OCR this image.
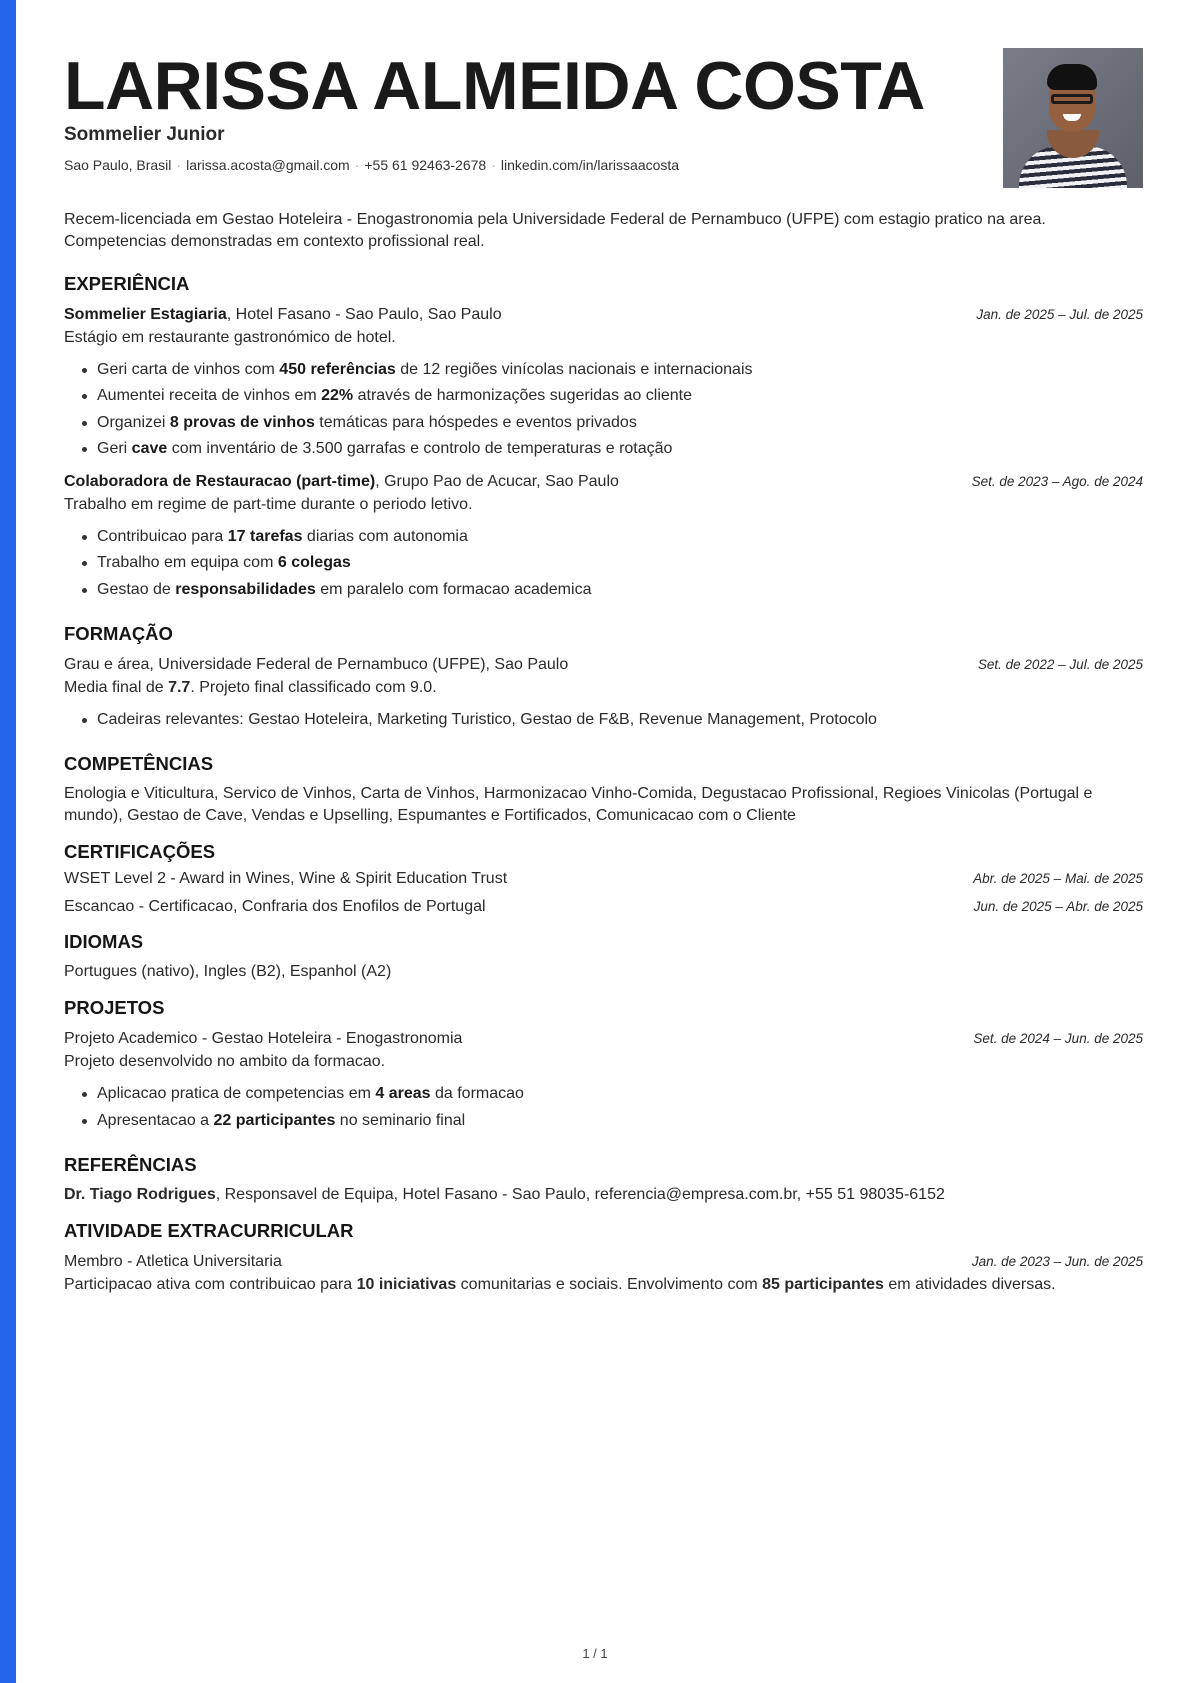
LARISSA ALMEIDA COSTA
Sommelier Junior
Sao Paulo, Brasil · larissa.acosta@gmail.com · +55 61 92463-2678 · linkedin.com/in/larissaacosta
Recem-licenciada em Gestao Hoteleira - Enogastronomia pela Universidade Federal de Pernambuco (UFPE) com estagio pratico na area. Competencias demonstradas em contexto profissional real.
EXPERIÊNCIA
Sommelier Estagiaria, Hotel Fasano - Sao Paulo, Sao Paulo	Jan. de 2025 – Jul. de 2025
Estágio em restaurante gastronómico de hotel.
Geri carta de vinhos com 450 referências de 12 regiões vinícolas nacionais e internacionais
Aumentei receita de vinhos em 22% através de harmonizações sugeridas ao cliente
Organizei 8 provas de vinhos temáticas para hóspedes e eventos privados
Geri cave com inventário de 3.500 garrafas e controlo de temperaturas e rotação
Colaboradora de Restauracao (part-time), Grupo Pao de Acucar, Sao Paulo	Set. de 2023 – Ago. de 2024
Trabalho em regime de part-time durante o periodo letivo.
Contribuicao para 17 tarefas diarias com autonomia
Trabalho em equipa com 6 colegas
Gestao de responsabilidades em paralelo com formacao academica
FORMAÇÃO
Grau e área, Universidade Federal de Pernambuco (UFPE), Sao Paulo	Set. de 2022 – Jul. de 2025
Media final de 7.7. Projeto final classificado com 9.0.
Cadeiras relevantes: Gestao Hoteleira, Marketing Turistico, Gestao de F&B, Revenue Management, Protocolo
COMPETÊNCIAS
Enologia e Viticultura, Servico de Vinhos, Carta de Vinhos, Harmonizacao Vinho-Comida, Degustacao Profissional, Regioes Vinicolas (Portugal e mundo), Gestao de Cave, Vendas e Upselling, Espumantes e Fortificados, Comunicacao com o Cliente
CERTIFICAÇÕES
WSET Level 2 - Award in Wines, Wine & Spirit Education Trust	Abr. de 2025 – Mai. de 2025
Escancao - Certificacao, Confraria dos Enofilos de Portugal	Jun. de 2025 – Abr. de 2025
IDIOMAS
Portugues (nativo), Ingles (B2), Espanhol (A2)
PROJETOS
Projeto Academico - Gestao Hoteleira - Enogastronomia	Set. de 2024 – Jun. de 2025
Projeto desenvolvido no ambito da formacao.
Aplicacao pratica de competencias em 4 areas da formacao
Apresentacao a 22 participantes no seminario final
REFERÊNCIAS
Dr. Tiago Rodrigues, Responsavel de Equipa, Hotel Fasano - Sao Paulo, referencia@empresa.com.br, +55 51 98035-6152
ATIVIDADE EXTRACURRICULAR
Membro - Atletica Universitaria	Jan. de 2023 – Jun. de 2025
Participacao ativa com contribuicao para 10 iniciativas comunitarias e sociais. Envolvimento com 85 participantes em atividades diversas.
1 / 1
